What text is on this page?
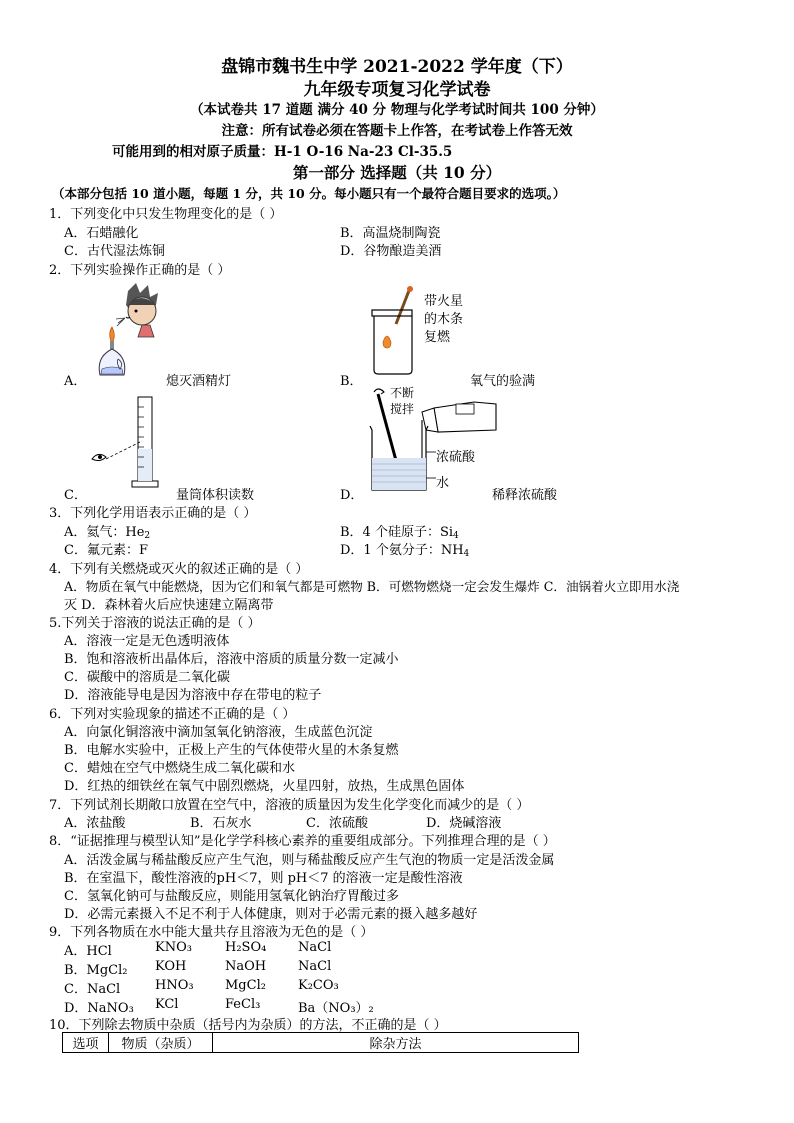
盘锦市魏书生中学 2021-2022 学年度（下）
九年级专项复习化学试卷
（本试卷共 17 道题 满分 40 分 物理与化学考试时间共 100 分钟）
注意：所有试卷必须在答题卡上作答，在考试卷上作答无效
可能用到的相对原子质量：H-1 O-16 Na-23 Cl-35.5
第一部分 选择题（共 10 分）
（本部分包括 10 道小题，每题 1 分，共 10 分。每小题只有一个最符合题目要求的选项。）
1．下列变化中只发生物理变化的是（ ）
A．石蜡融化	B．高温烧制陶瓷
C．古代湿法炼铜	D．谷物酿造美酒
2．下列实验操作正确的是（ ）
A．	熄灭酒精灯
带火星
的木条
复燃
B．	氧气的验满
C．	量筒体积读数
不断
搅拌
浓硫酸
水
D．	稀释浓硫酸
3．下列化学用语表示正确的是（ ）
A．氦气：$He_2$	B．4 个硅原子：$Si_4$
C．氟元素：F	D．1 个氨分子：$NH_4$
4．下列有关燃烧或灭火的叙述正确的是（ ）
A．物质在氧气中能燃烧，因为它们和氧气都是可燃物 B．可燃物燃烧一定会发生爆炸 C．油锅着火立即用水浇
灭 D．森林着火后应快速建立隔离带
5.下列关于溶液的说法正确的是（ ）
A．溶液一定是无色透明液体
B．饱和溶液析出晶体后，溶液中溶质的质量分数一定减小
C．碳酸中的溶质是二氧化碳
D．溶液能导电是因为溶液中存在带电的粒子
6．下列对实验现象的描述不正确的是（ ）
A．向氯化铜溶液中滴加氢氧化钠溶液，生成蓝色沉淀
B．电解水实验中，正极上产生的气体使带火星的木条复燃
C．蜡烛在空气中燃烧生成二氧化碳和水
D．红热的细铁丝在氧气中剧烈燃烧，火星四射，放热，生成黑色固体
7．下列试剂长期敞口放置在空气中，溶液的质量因为发生化学变化而减少的是（ ）
A．浓盐酸	B．石灰水	C．浓硫酸	D．烧碱溶液
8．“证据推理与模型认知”是化学学科核心素养的重要组成部分。下列推理合理的是（ ）
A．活泼金属与稀盐酸反应产生气泡，则与稀盐酸反应产生气泡的物质一定是活泼金属
B．在室温下，酸性溶液的pH＜7，则 pH＜7 的溶液一定是酸性溶液
C．氢氧化钠可与盐酸反应，则能用氢氧化钠治疗胃酸过多
D．必需元素摄入不足不利于人体健康，则对于必需元素的摄入越多越好
9．下列各物质在水中能大量共存且溶液为无色的是（ ）
A．HCl	KNO₃	H₂SO₄ NaCl
B．MgCl₂ KOH	NaOH NaCl
C．NaCl	HNO₃ MgCl₂ K₂CO₃
D．NaNO₃ KCl	FeCl₃	Ba（NO₃）₂
10．下列除去物质中杂质（括号内为杂质）的方法，不正确的是（ ）
选项	物质（杂质）	除杂方法
